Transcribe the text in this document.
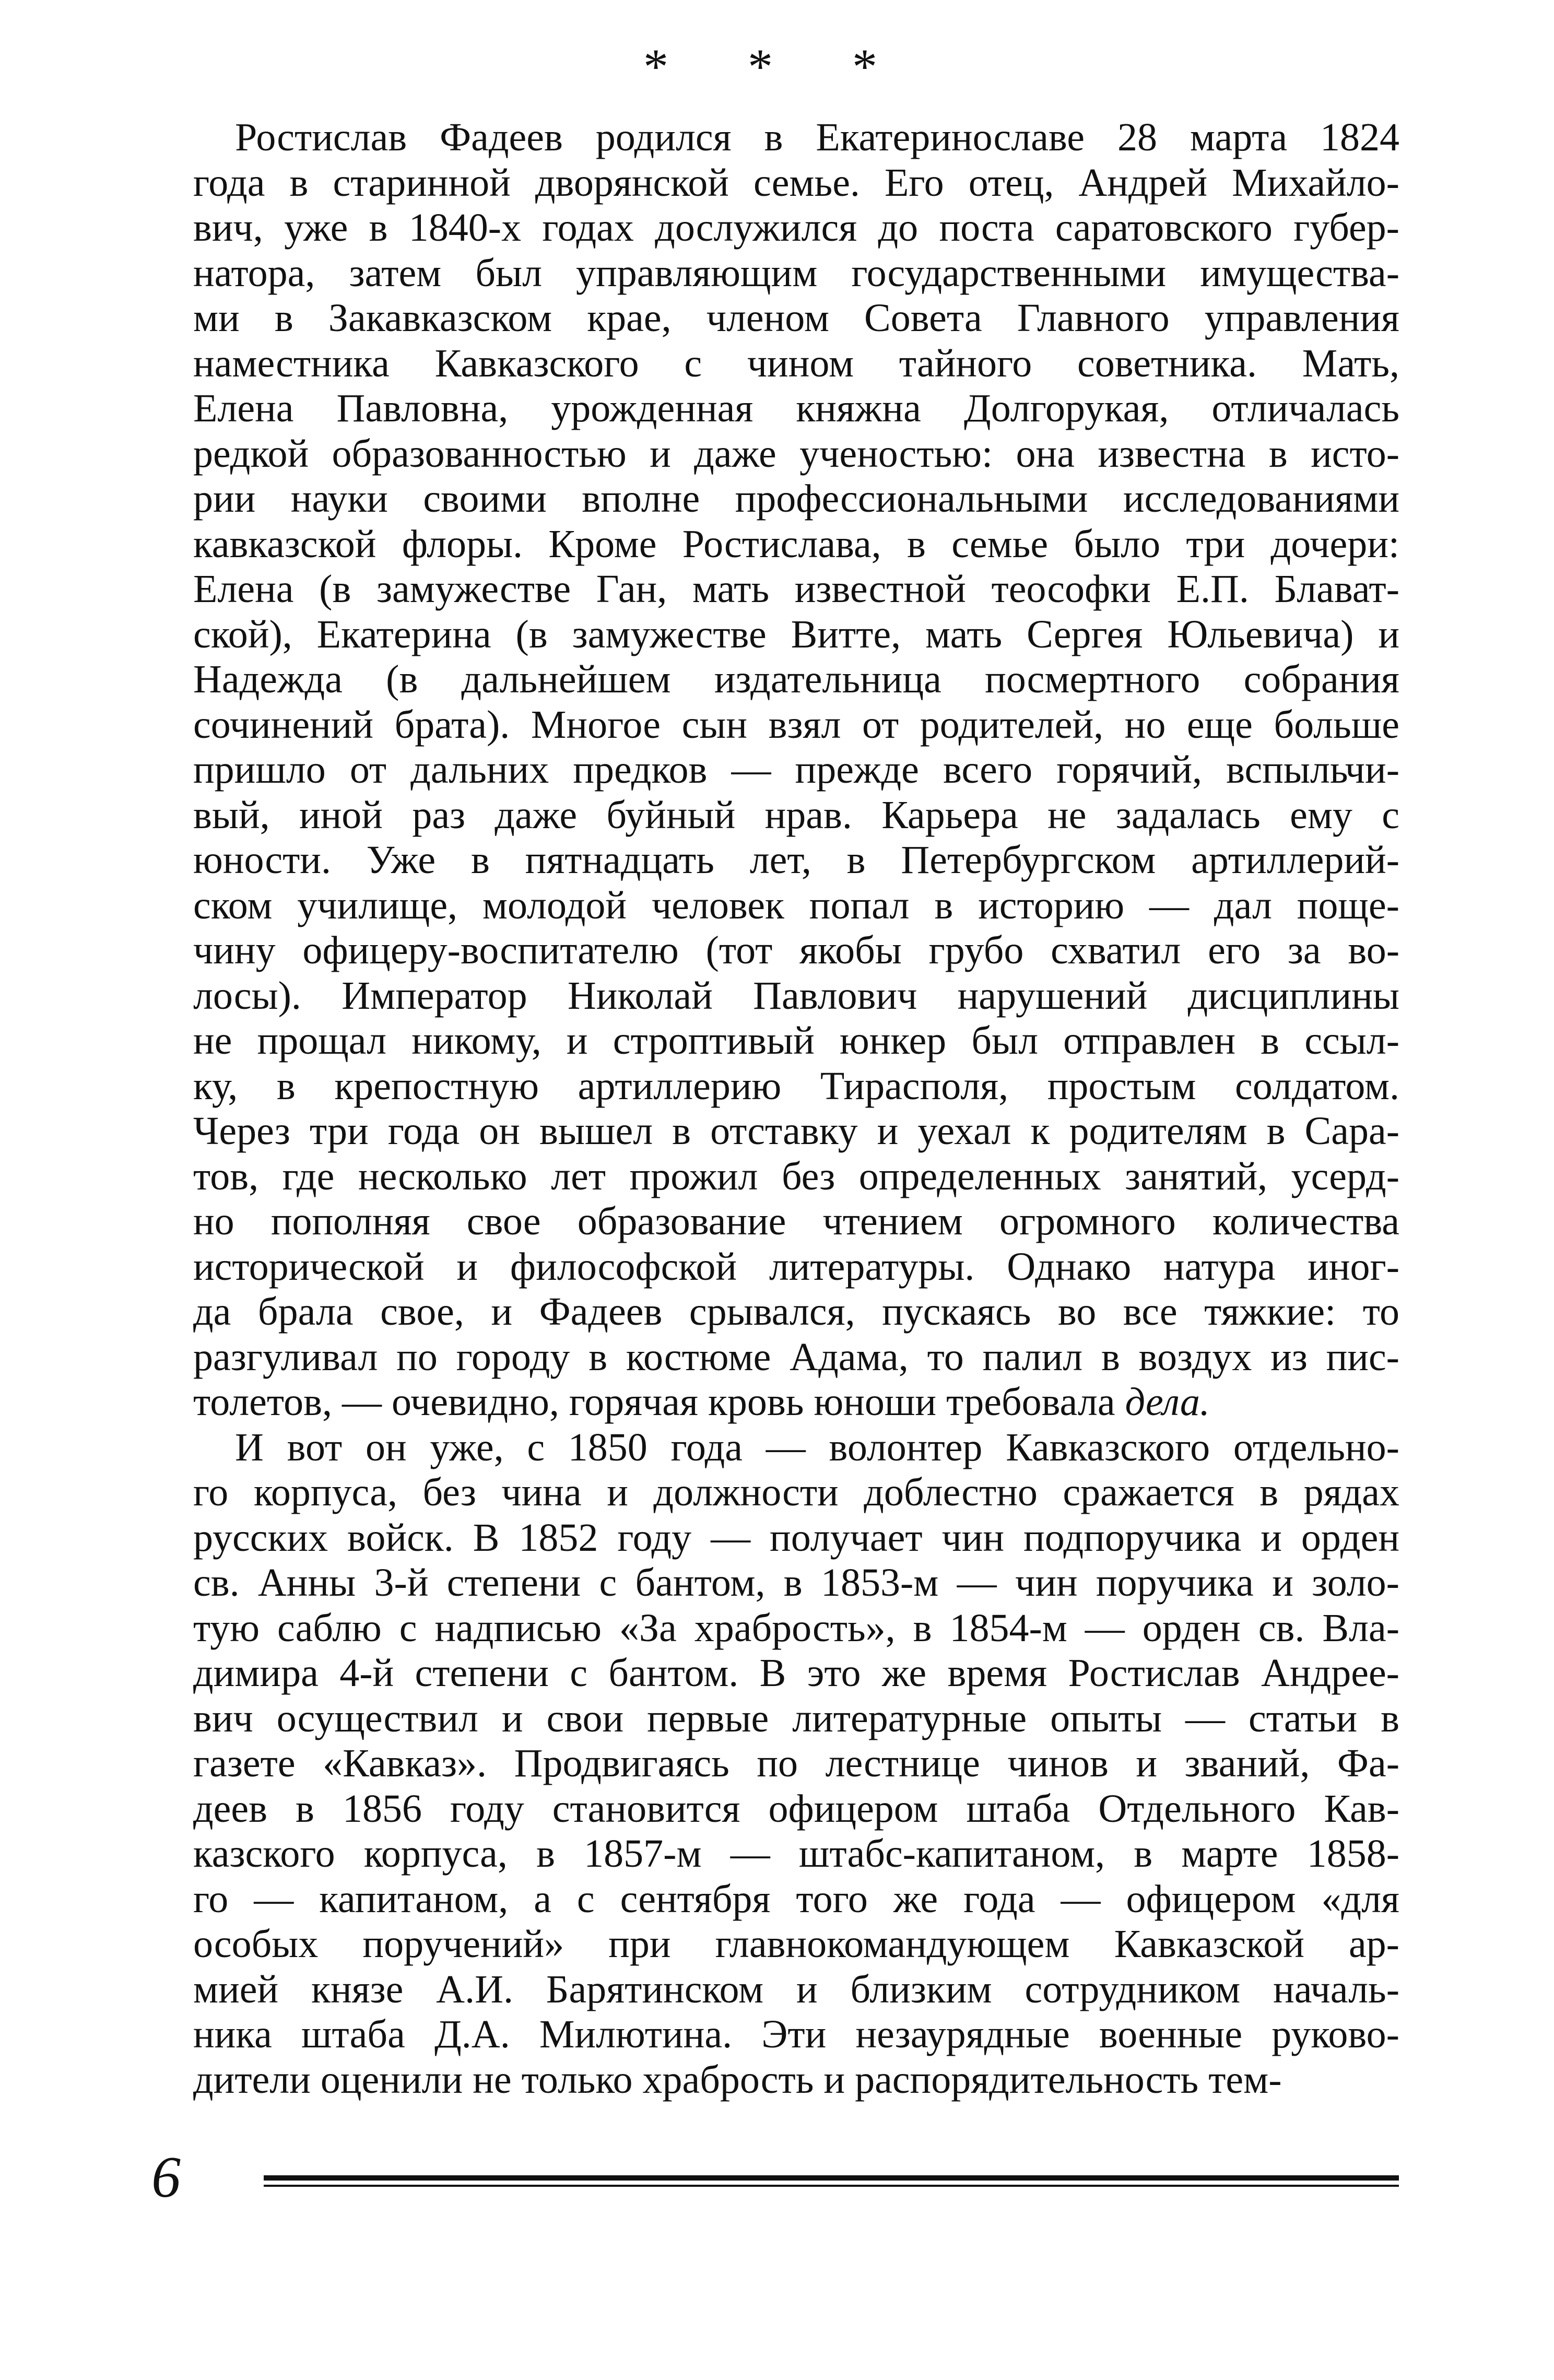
* * *
Ростислав Фадеев родился в Екатеринославе 28 марта 1824
года в старинной дворянской семье. Его отец, Андрей Михайло-
вич, уже в 1840-х годах дослужился до поста саратовского губер-
натора, затем был управляющим государственными имущества-
ми в Закавказском крае, членом Совета Главного управления
наместника Кавказского с чином тайного советника. Мать,
Елена Павловна, урожденная княжна Долгорукая, отличалась
редкой образованностью и даже ученостью: она известна в исто-
рии науки своими вполне профессиональными исследованиями
кавказской флоры. Кроме Ростислава, в семье было три дочери:
Елена (в замужестве Ган, мать известной теософки Е.П. Блават-
ской), Екатерина (в замужестве Витте, мать Сергея Юльевича) и
Надежда (в дальнейшем издательница посмертного собрания
сочинений брата). Многое сын взял от родителей, но еще больше
пришло от дальних предков — прежде всего горячий, вспыльчи-
вый, иной раз даже буйный нрав. Карьера не задалась ему с
юности. Уже в пятнадцать лет, в Петербургском артиллерий-
ском училище, молодой человек попал в историю — дал поще-
чину офицеру-воспитателю (тот якобы грубо схватил его за во-
лосы). Император Николай Павлович нарушений дисциплины
не прощал никому, и строптивый юнкер был отправлен в ссыл-
ку, в крепостную артиллерию Тирасполя, простым солдатом.
Через три года он вышел в отставку и уехал к родителям в Сара-
тов, где несколько лет прожил без определенных занятий, усерд-
но пополняя свое образование чтением огромного количества
исторической и философской литературы. Однако натура иног-
да брала свое, и Фадеев срывался, пускаясь во все тяжкие: то
разгуливал по городу в костюме Адама, то палил в воздух из пис-
толетов, — очевидно, горячая кровь юноши требовала дела.
И вот он уже, с 1850 года — волонтер Кавказского отдельно-
го корпуса, без чина и должности доблестно сражается в рядах
русских войск. В 1852 году — получает чин подпоручика и орден
св. Анны 3-й степени с бантом, в 1853-м — чин поручика и золо-
тую саблю с надписью «За храбрость», в 1854-м — орден св. Вла-
димира 4-й степени с бантом. В это же время Ростислав Андрее-
вич осуществил и свои первые литературные опыты — статьи в
газете «Кавказ». Продвигаясь по лестнице чинов и званий, Фа-
деев в 1856 году становится офицером штаба Отдельного Кав-
казского корпуса, в 1857-м — штабс-капитаном, в марте 1858-
го — капитаном, а с сентября того же года — офицером «для
особых поручений» при главнокомандующем Кавказской ар-
мией князе А.И. Барятинском и близким сотрудником началь-
ника штаба Д.А. Милютина. Эти незаурядные военные руково-
дители оценили не только храбрость и распорядительность тем-
6
